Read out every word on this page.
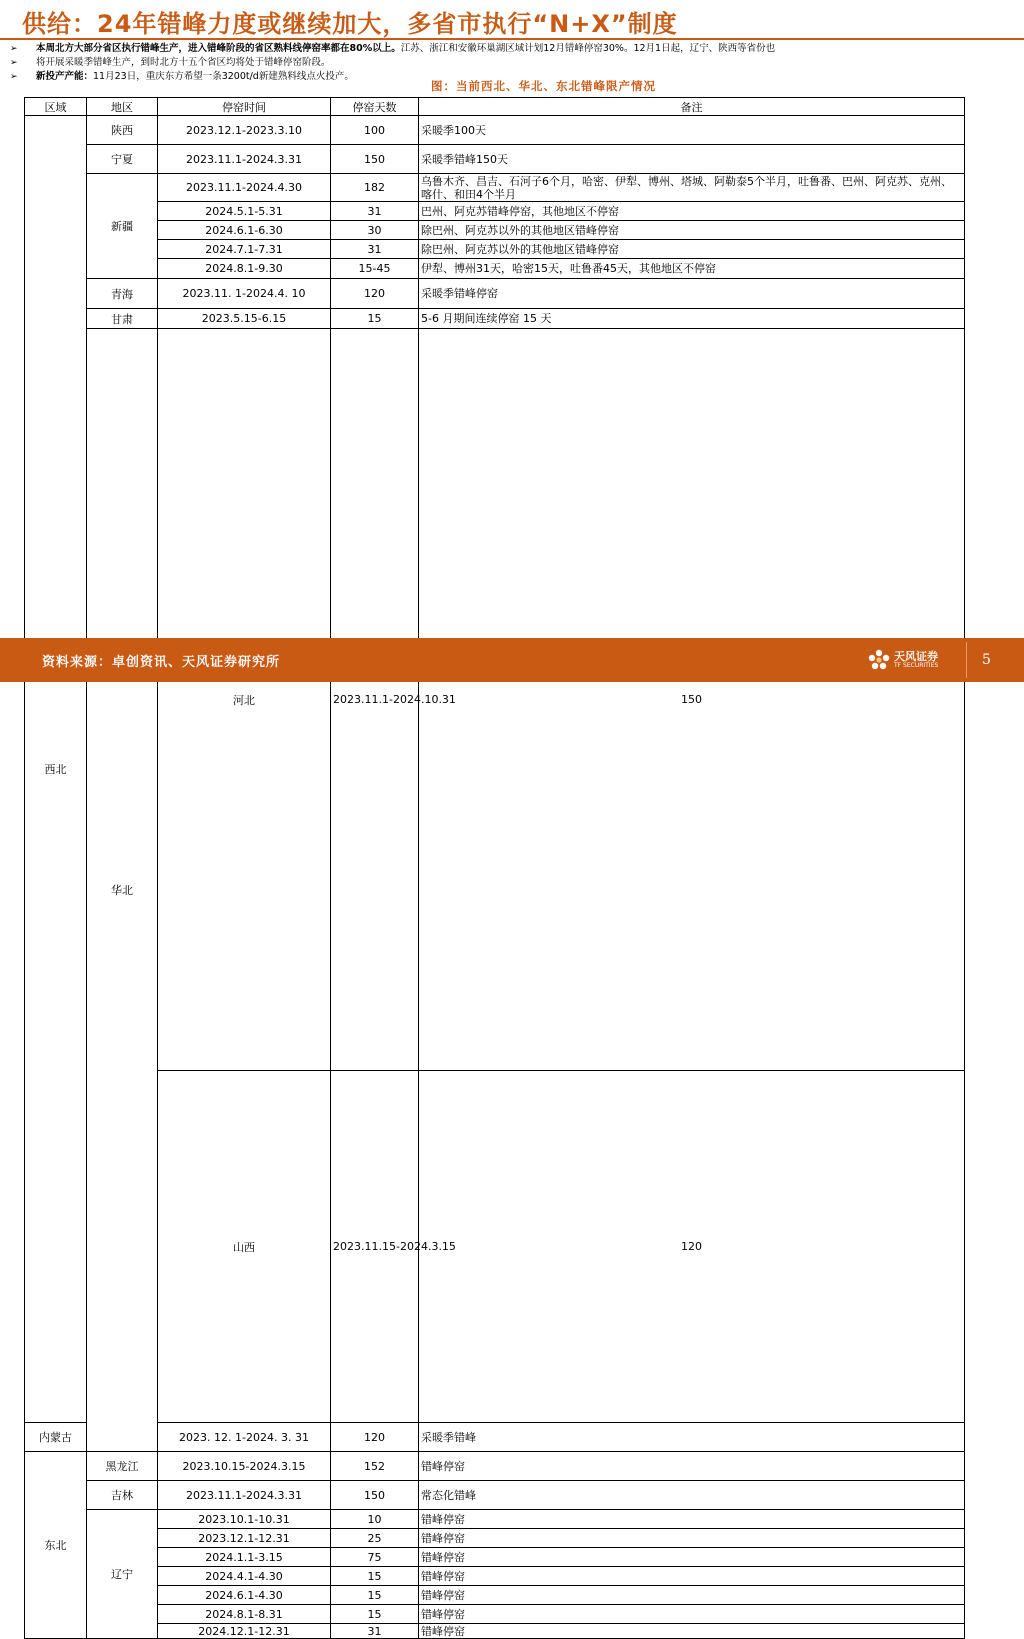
供给：24年错峰力度或继续加大，多省市执行“N+X”制度
➢ 本周北方大部分省区执行错峰生产，进入错峰阶段的省区熟料线停窑率都在80%以上。江苏、浙江和安徽环巢湖区域计划12月错峰停窑30%。12月1日起，辽宁、陕西等省份也
➢ 将开展采暖季错峰生产，到时北方十五个省区均将处于错峰停窑阶段。
➢ 新投产产能：11月23日，重庆东方希望一条3200t/d新建熟料线点火投产。
图：当前西北、华北、东北错峰限产情况
区域	地区	停窑时间	停窑天数	备注	
西北	陕西	2023.12.1-2023.3.10	100	采暖季100天	
	宁夏	2023.11.1-2024.3.31	150	采暖季错峰150天	
	新疆	2023.11.1-2024.4.30	182	乌鲁木齐、昌吉、石河子6个月，哈密、伊犁、博州、塔城、阿勒泰5个半月，吐鲁番、巴州、阿克苏、克州、喀什、和田4个半月	
		2024.5.1-5.31	31	巴州、阿克苏错峰停窑，其他地区不停窑	
		2024.6.1-6.30	30	除巴州、阿克苏以外的其他地区错峰停窑	
		2024.7.1-7.31	31	除巴州、阿克苏以外的其他地区错峰停窑	
		2024.8.1-9.30	15-45	伊犁、博州31天，哈密15天，吐鲁番45天，其他地区不停窑	
	青海	2023.11. 1-2024.4. 10	120	采暖季错峰停窑	
	甘肃	2023.5.15-6.15	15	5-6 月期间连续停窑 15 天	
	华北	河北	2023.11.1-2024.10.31	150	
		山西	2023.11.15-2024.3.15	120	
内蒙古		2023. 12. 1-2024. 3. 31	120	采暖季错峰	
东北	黑龙江	2023.10.15-2024.3.15	152	错峰停窑	
	吉林	2023.11.1-2024.3.31	150	常态化错峰	
	辽宁	2023.10.1-10.31	10	错峰停窑	
		2023.12.1-12.31	25	错峰停窑	
		2024.1.1-3.15	75	错峰停窑	
		2024.4.1-4.30	15	错峰停窑	
		2024.6.1-4.30	15	错峰停窑	
		2024.8.1-8.31	15	错峰停窑	
		2024.12.1-12.31	31	错峰停窑	
资料来源：卓创资讯、天风证券研究所	天风证券
TF SECURITIES	5
